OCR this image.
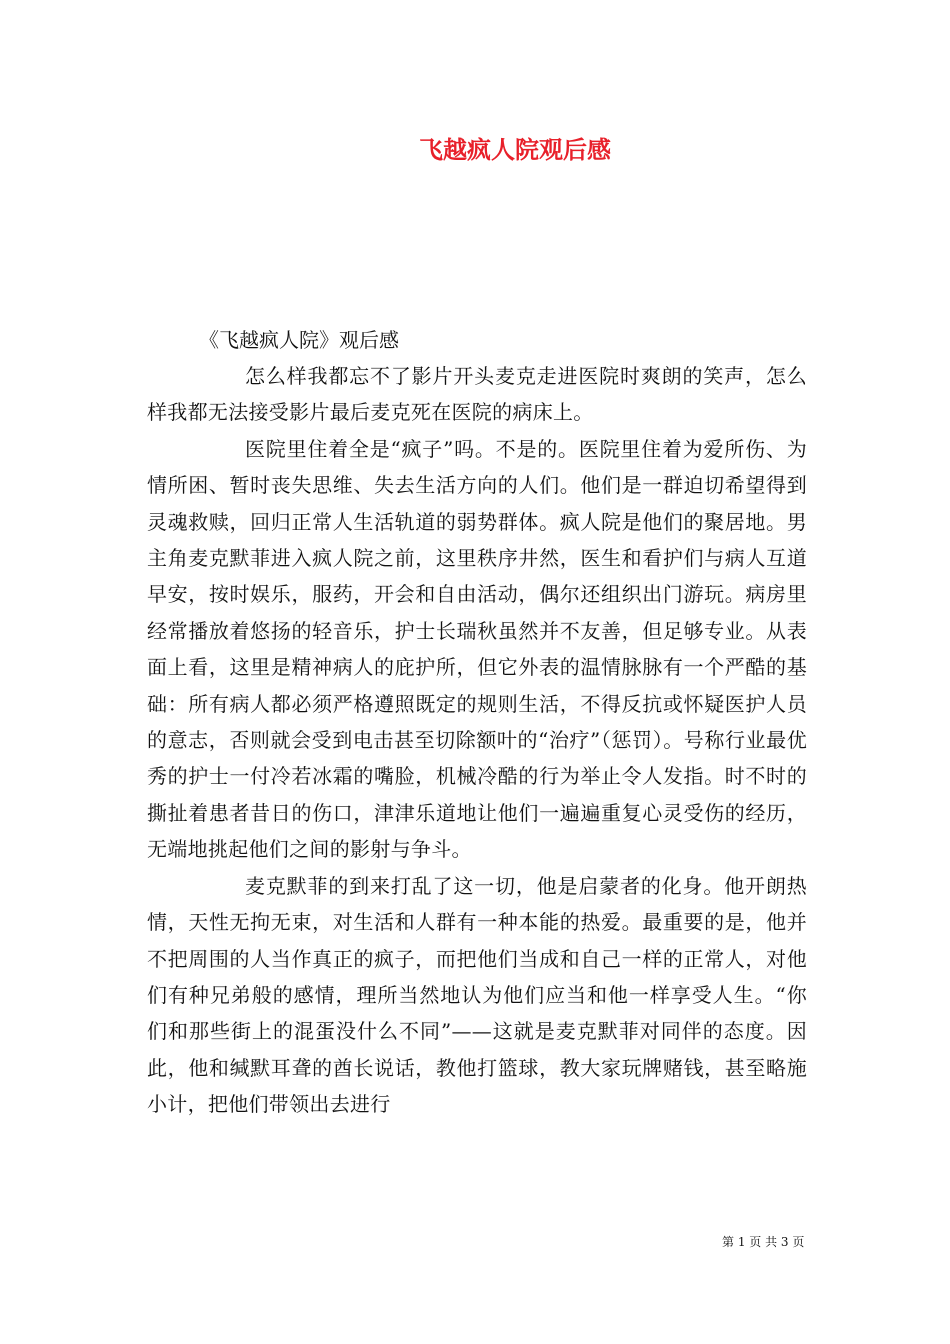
飞越疯人院观后感

《飞越疯人院》观后感

怎么样我都忘不了影片开头麦克走进医院时爽朗的笑声，怎么样我都无法接受影片最后麦克死在医院的病床上。

医院里住着全是“疯子”吗。不是的。医院里住着为爱所伤、为情所困、暂时丧失思维、失去生活方向的人们。他们是一群迫切希望得到灵魂救赎，回归正常人生活轨道的弱势群体。疯人院是他们的聚居地。男主角麦克默菲进入疯人院之前，这里秩序井然，医生和看护们与病人互道早安，按时娱乐，服药，开会和自由活动，偶尔还组织出门游玩。病房里经常播放着悠扬的轻音乐，护士长瑞秋虽然并不友善，但足够专业。从表面上看，这里是精神病人的庇护所，但它外表的温情脉脉有一个严酷的基础：所有病人都必须严格遵照既定的规则生活，不得反抗或怀疑医护人员的意志，否则就会受到电击甚至切除额叶的“治疗”（惩罚）。号称行业最优秀的护士一付冷若冰霜的嘴脸，机械冷酷的行为举止令人发指。时不时的撕扯着患者昔日的伤口，津津乐道地让他们一遍遍重复心灵受伤的经历，无端地挑起他们之间的影射与争斗。

麦克默菲的到来打乱了这一切，他是启蒙者的化身。他开朗热情，天性无拘无束，对生活和人群有一种本能的热爱。最重要的是，他并不把周围的人当作真正的疯子，而把他们当成和自己一样的正常人，对他们有种兄弟般的感情，理所当然地认为他们应当和他一样享受人生。“你们和那些街上的混蛋没什么不同”——这就是麦克默菲对同伴的态度。因此，他和缄默耳聋的酋长说话，教他打篮球，教大家玩牌赌钱，甚至略施小计，把他们带领出去进行

第 1 页 共 3 页
